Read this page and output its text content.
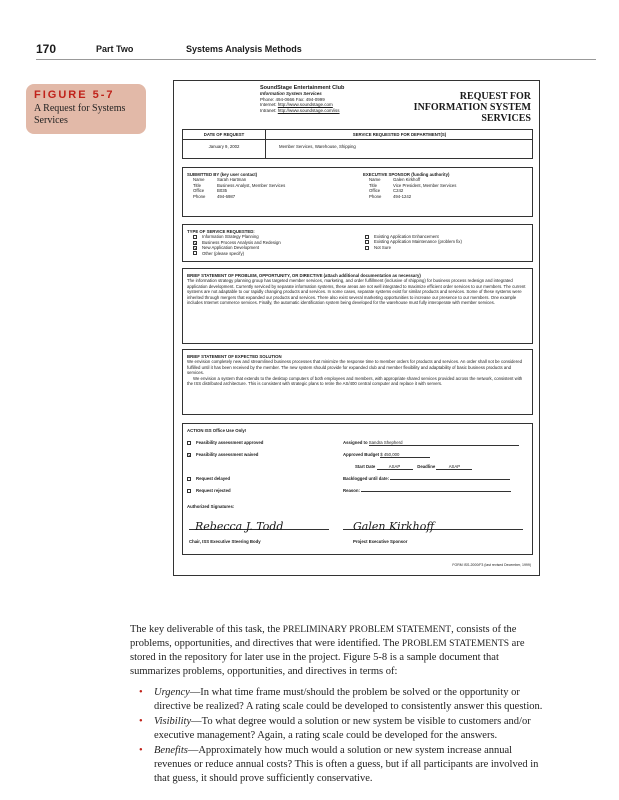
170	Part Two	Systems Analysis Methods
FIGURE 5-7
A Request for Systems Services
SoundStage Entertainment Club
Information System Services
Phone: 494-0666 Fax: 494-0999
Internet: http://www.soundstage.com
Intranet: http://www.soundstage.com/iss
REQUEST FOR INFORMATION SYSTEM SERVICES
DATE OF REQUEST	SERVICE REQUESTED FOR DEPARTMENT(S)
January 9, 2002	Member Services, Warehouse, Shipping
SUBMITTED BY (key user contact)
Name	Sarah Hartman
Title	Business Analyst, Member Services
Office	B035
Phone	494-6987
EXECUTIVE SPONSOR (funding authority)
Name	Galen Kirkhoff
Title	Vice President, Member Services
Office	C242
Phone	494-1242
TYPE OF SERVICE REQUESTED:
Information Strategy Planning
X Business Process Analysis and Redesign
X New Application Development
Other (please specify)
Existing Application Enhancement
Existing Application Maintenance (problem fix)
Not Sure

BRIEF STATEMENT OF PROBLEM, OPPORTUNITY, OR DIRECTIVE (attach additional documentation as necessary)

The information strategy planning group has targeted member services, marketing, and order fulfillment (inclusive of shipping) for business process redesign and integrated application development. Currently serviced by separate information systems, these areas are not well integrated to maximize efficient order services to our members. The current systems are not adaptable to our rapidly changing products and services. In some cases, separate systems exist for similar products and services. Some of these systems were inherited through mergers that expanded our products and services. There also exist several marketing opportunities to increase our presence to our members. One example includes Internet commerce services. Finally, the automatic identification system being developed for the warehouse must fully interoperate with member services.

BRIEF STATEMENT OF EXPECTED SOLUTION

We envision completely new and streamlined business processes that minimize the response time to member orders for products and services. An order shall not be considered fulfilled until it has been received by the member. The new system should provide for expanded club and member flexibility and adaptability of basic business products and services.

We envision a system that extends to the desktop computers of both employees and members, with appropriate shared services provided across the network, consistent with the ISS distributed architecture. This is consistent with strategic plans to retire the AS/400 central computer and replace it with servers.

ACTION ISS Office Use Only!
Feasibility assessment approved	Assigned to Sandra Shepherd
X Feasibility assessment waived	Approved Budget $ 450,000
Start Date	ASAP	Deadline	ASAP
Request delayed	Backlogged until date:
Request rejected	Reason:
Authorized Signatures:
Rebecca J. Todd	Galen Kirkhoff
Chair, ISS Executive Steering Body	Project Executive Sponsor
FORM ISS-2000/F3 (last revised December, 1999)
The key deliverable of this task, the PRELIMINARY PROBLEM STATEMENT, consists of the problems, opportunities, and directives that were identified. The PROBLEM STATEMENTS are stored in the repository for later use in the project. Figure 5-8 is a sample document that summarizes problems, opportunities, and directives in terms of:
• Urgency—In what time frame must/should the problem be solved or the opportunity or directive be realized? A rating scale could be developed to consistently answer this question.
• Visibility—To what degree would a solution or new system be visible to customers and/or executive management? Again, a rating scale could be developed for the answers.
• Benefits—Approximately how much would a solution or new system increase annual revenues or reduce annual costs? This is often a guess, but if all participants are involved in that guess, it should prove sufficiently conservative.
